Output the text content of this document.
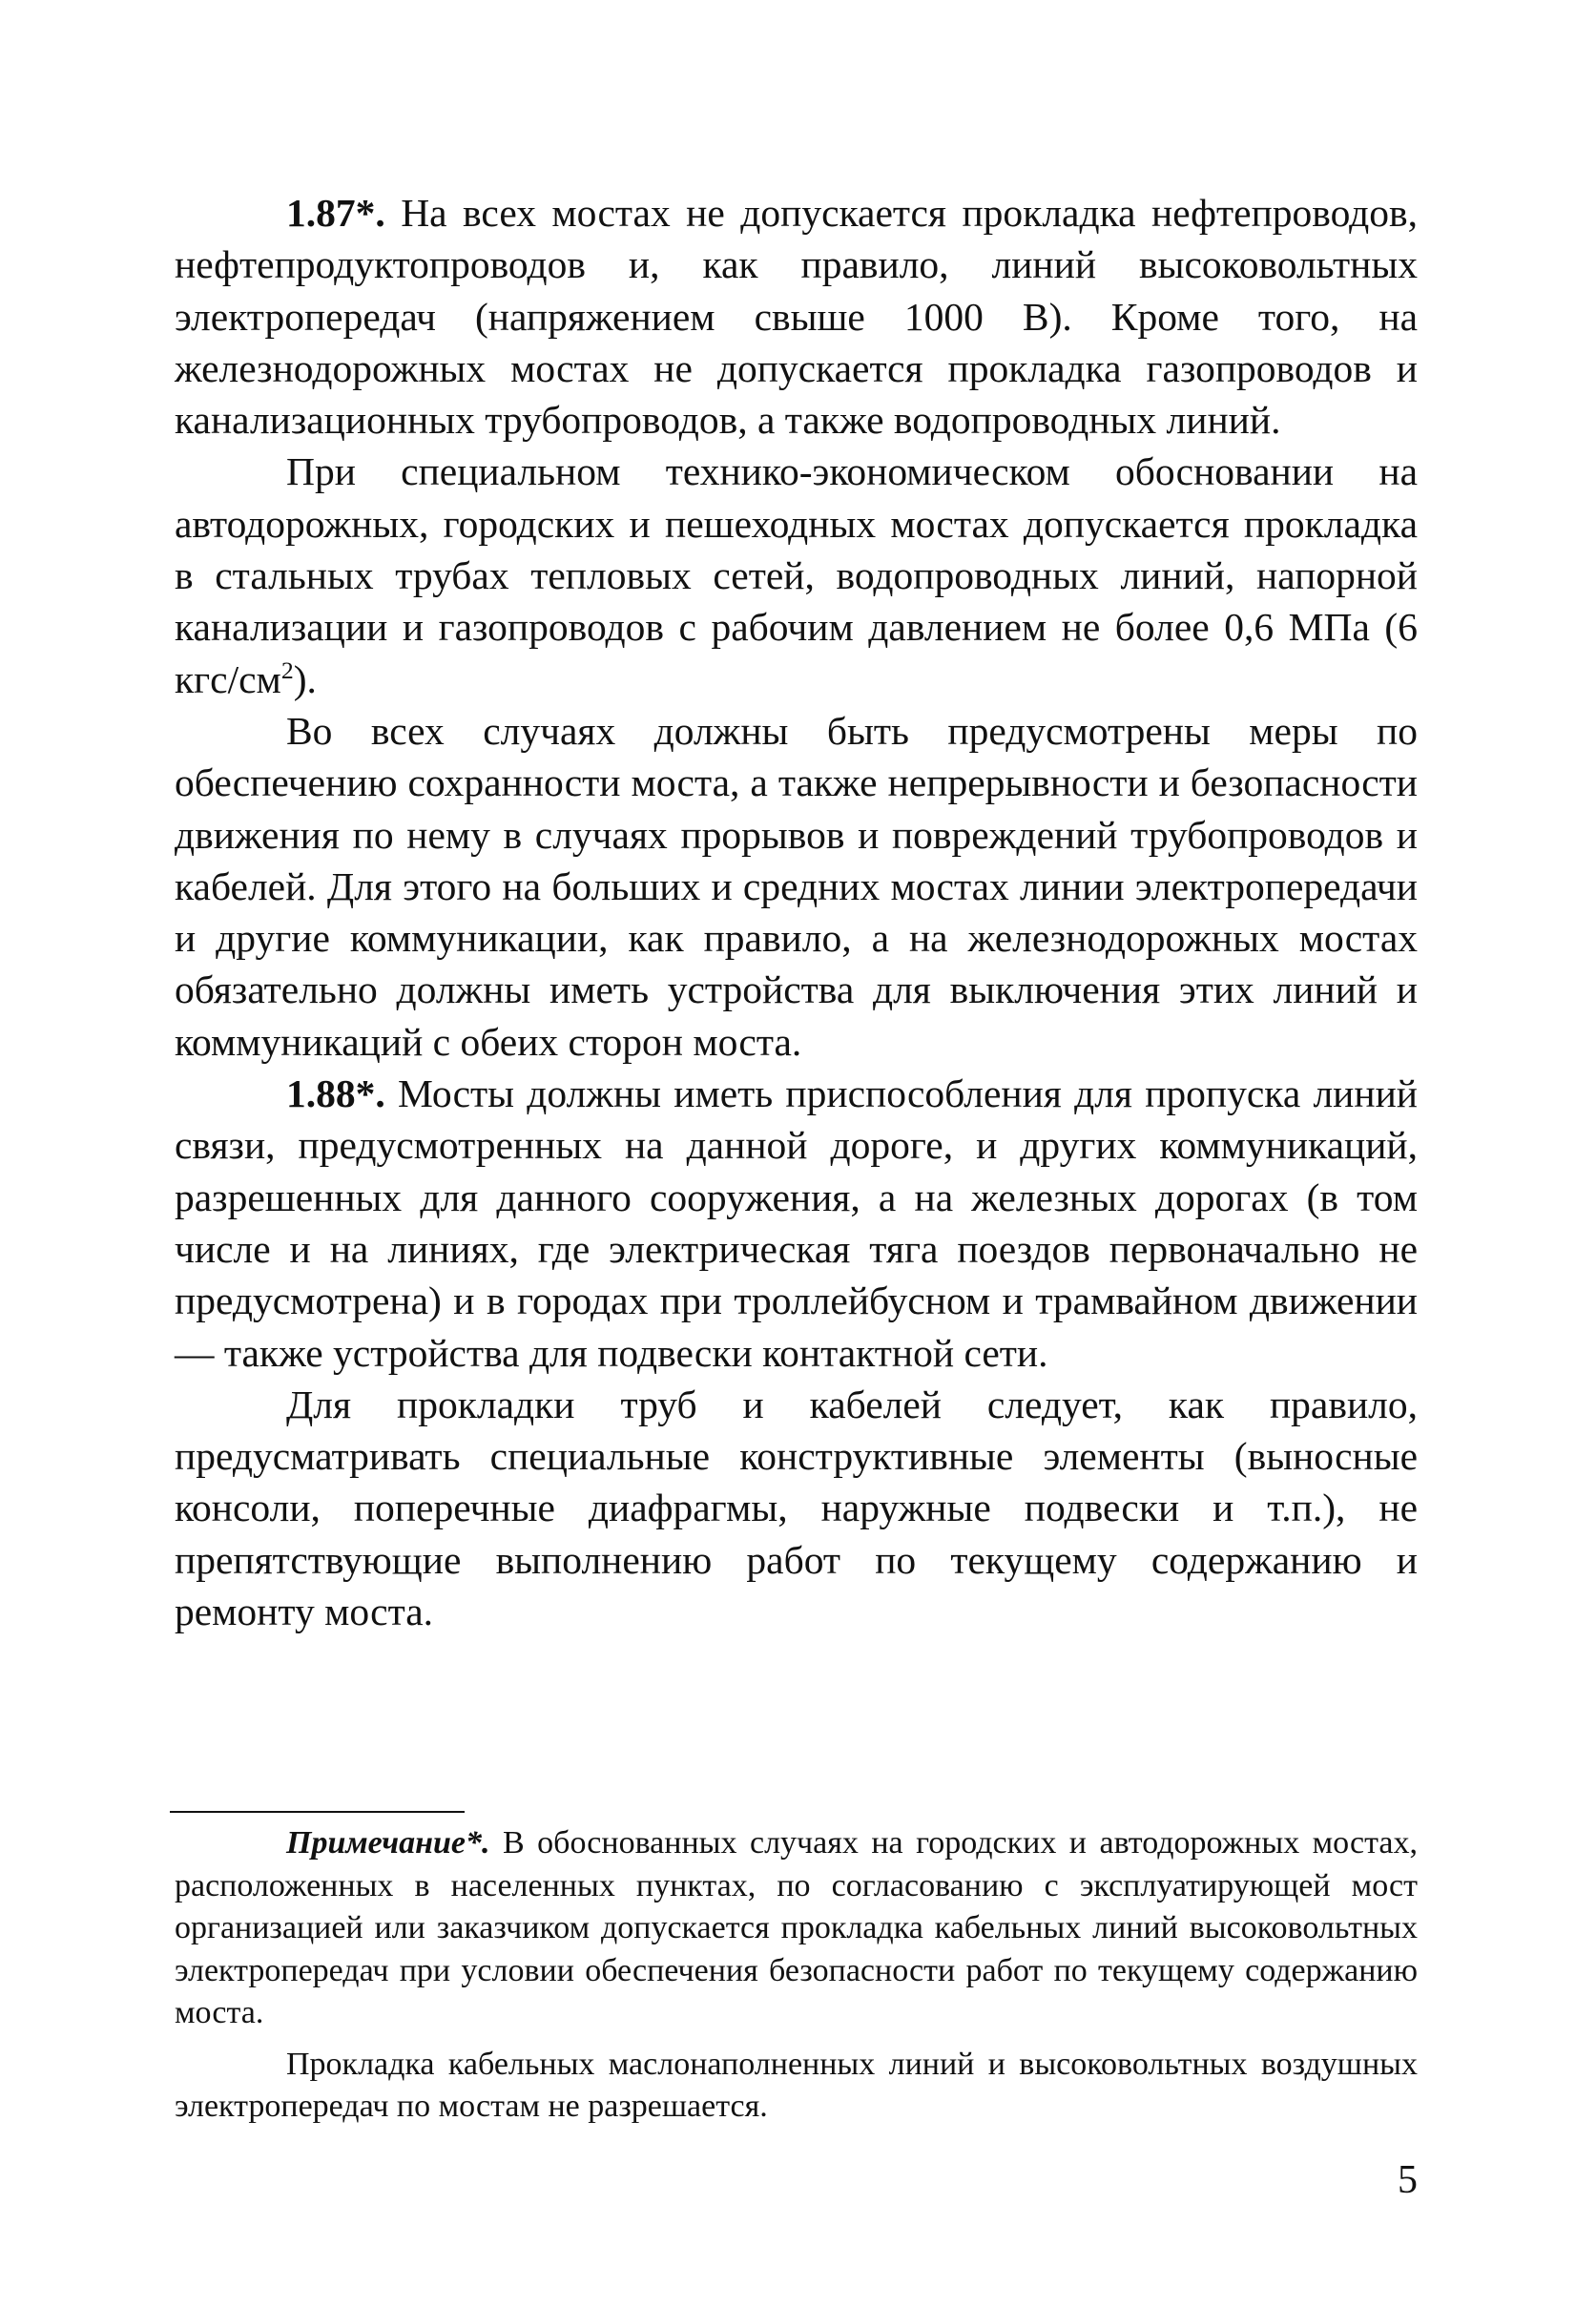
1.87*. На всех мостах не допускается прокладка нефтепроводов, нефтепродуктопроводов и, как правило, линий высоковольтных электропередач (напряжением свыше 1000 В). Кроме того, на железнодорожных мостах не допускается прокладка газопроводов и канализационных трубопроводов, а также водопроводных линий.

При специальном технико-экономическом обосновании на автодорожных, городских и пешеходных мостах допускается прокладка в стальных трубах тепловых сетей, водопроводных линий, напорной канализации и газопроводов с рабочим давлением не более 0,6 МПа (6 кгс/$см^2$).

Во всех случаях должны быть предусмотрены меры по обеспечению сохранности моста, а также непрерывности и безопасности движения по нему в случаях прорывов и повреждений трубопроводов и кабелей. Для этого на больших и средних мостах линии электропередачи и другие коммуникации, как правило, а на железнодорожных мостах обязательно должны иметь устройства для выключения этих линий и коммуникаций с обеих сторон моста.

1.88*. Мосты должны иметь приспособления для пропуска линий связи, предусмотренных на данной дороге, и других коммуникаций, разрешенных для данного сооружения, а на железных дорогах (в том числе и на линиях, где электрическая тяга поездов первоначально не предусмотрена) и в городах при троллейбусном и трамвайном движении — также устройства для подвески контактной сети.

Для прокладки труб и кабелей следует, как правило, предусматривать специальные конструктивные элементы (выносные консоли, поперечные диафрагмы, наружные подвески и т.п.), не препятствующие выполнению работ по текущему содержанию и ремонту моста.

Примечание*. В обоснованных случаях на городских и автодорожных мостах, расположенных в населенных пунктах, по согласованию с эксплуатирующей мост организацией или заказчиком допускается прокладка кабельных линий высоковольтных электропередач при условии обеспечения безопасности работ по текущему содержанию моста.

Прокладка кабельных маслонаполненных линий и высоковольтных воздушных электропередач по мостам не разрешается.

5
